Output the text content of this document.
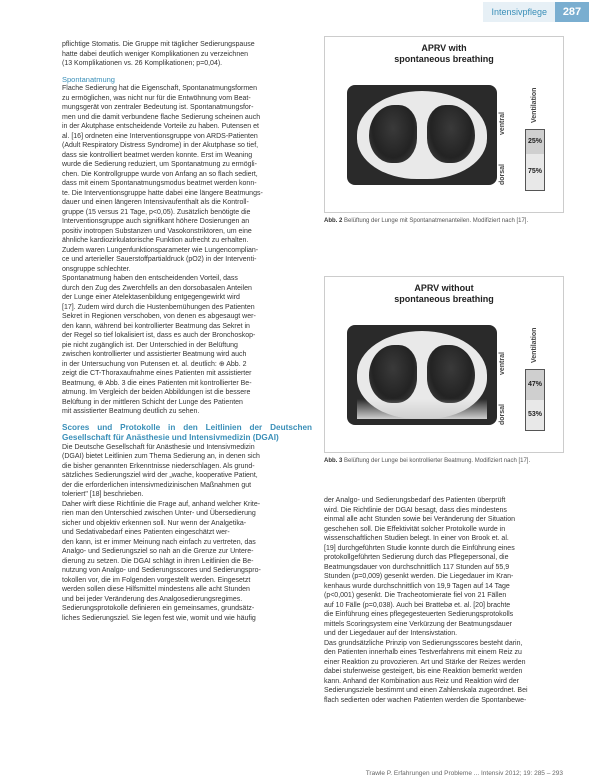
Intensivpflege	287

pflichtige Stomatis. Die Gruppe mit täglicher Sedierungspause

hatte dabei deutlich weniger Komplikationen zu verzeichnen

(13 Komplikationen vs. 26 Komplikationen; p=0,04).

Spontanatmung

Flache Sedierung hat die Eigenschaft, Spontanatmungsformen

zu ermöglichen, was nicht nur für die Entwöhnung vom Beat-

mungsgerät von zentraler Bedeutung ist. Spontanatmungsfor-

men und die damit verbundene flache Sedierung scheinen auch

in der Akutphase entscheidende Vorteile zu haben. Putensen et

al. [16] ordneten eine Interventionsgruppe von ARDS-Patienten

(Adult Respiratory Distress Syndrome) in der Akutphase so tief,

dass sie kontrolliert beatmet werden konnte. Erst im Weaning

wurde die Sedierung reduziert, um Spontanatmung zu ermögli-

chen. Die Kontrollgruppe wurde von Anfang an so flach sediert,

dass mit einem Spontanatmungsmodus beatmet werden konn-

te. Die Interventionsgruppe hatte dabei eine längere Beatmungs-

dauer und einen längeren Intensivaufenthalt als die Kontroll-

gruppe (15 versus 21 Tage, p<0,05). Zusätzlich benötigte die

Interventionsgruppe auch signifikant höhere Dosierungen an

positiv inotropen Substanzen und Vasokonstriktoren, um eine

ähnliche kardiozirkulatorische Funktion aufrecht zu erhalten.

Zudem waren Lungenfunktionsparameter wie Lungencomplian-

ce und arterieller Sauerstoffpartialdruck (pO2) in der Interventi-

onsgruppe schlechter.

Spontanatmung haben den entscheidenden Vorteil, dass

durch den Zug des Zwerchfells an den dorsobasalen Anteilen

der Lunge einer Atelektasenbildung entgegengewirkt wird

[17]. Zudem wird durch die Hustenbemühungen des Patienten

Sekret in Regionen verschoben, von denen es abgesaugt wer-

den kann, während bei kontrollierter Beatmung das Sekret in

der Regel so tief lokalisiert ist, dass es auch der Bronchoskop-

pie nicht zugänglich ist. Der Unterschied in der Belüftung

zwischen kontrollierter und assistierter Beatmung wird auch

in der Untersuchung von Putensen et. al. deutlich: ⊕ Abb. 2

zeigt die CT-Thoraxaufnahme eines Patienten mit assistierter

Beatmung, ⊕ Abb. 3 die eines Patienten mit kontrollierter Be-

atmung. Im Vergleich der beiden Abbildungen ist die bessere

Belüftung in der mittleren Schicht der Lunge des Patienten

mit assistierter Beatmung deutlich zu sehen.

Scores und Protokolle in den Leitlinien der Deutschen Gesellschaft für Anästhesie und Intensivmedizin (DGAI)

Die Deutsche Gesellschaft für Anästhesie und Intensivmedizin

(DGAI) bietet Leitlinien zum Thema Sedierung an, in denen sich

die bisher genannten Erkenntnisse niederschlagen. Als grund-

sätzliches Sedierungsziel wird der „wache, kooperative Patient,

der die erforderlichen intensivmedizinischen Maßnahmen gut

toleriert" [18] beschrieben.

Daher wirft diese Richtlinie die Frage auf, anhand welcher Krite-

rien man den Unterschied zwischen Unter- und Übersedierung

sicher und objektiv erkennen soll. Nur wenn der Analgetika-

und Sedativabedarf eines Patienten eingeschätzt wer-

den kann, ist er immer Meinung nach einfach zu vertreten, das

Analgo- und Sedierungsziel so nah an die Grenze zur Untere-

dierung zu setzen. Die DGAI schlägt in ihren Leitlinien die Be-

nutzung von Analgo- und Sedierungsscores und Sedierungspro-

tokollen vor, die im Folgenden vorgestellt werden. Eingesetzt

werden sollen diese Hilfsmittel mindestens alle acht Stunden

und bei jeder Veränderung des Analgosedierungsregimes.

Sedierungsprotokolle definieren ein gemeinsames, grundsätz-

liches Sedierungsziel. Sie legen fest wie, womit und wie häufig

APRV with
spontaneous breathing
ventral
dorsal
Ventilation
25%
75%
Abb. 2 Belüftung der Lunge mit Spontanatmenanteilen. Modifiziert nach [17].
APRV without
spontaneous breathing
ventral
dorsal
Ventilation
47%
53%
Abb. 3 Belüftung der Lunge bei kontrollierter Beatmung. Modifiziert nach [17].

der Analgo- und Sedierungsbedarf des Patienten überprüft

wird. Die Richtlinie der DGAI besagt, dass dies mindestens

einmal alle acht Stunden sowie bei Veränderung der Situation

geschehen soll. Die Effektivität solcher Protokolle wurde in

wissenschaftlichen Studien belegt. In einer von Brook et. al.

[19] durchgeführten Studie konnte durch die Einführung eines

protokollgeführten Sedierung durch das Pflegepersonal, die

Beatmungsdauer von durchschnittlich 117 Stunden auf 55,9

Stunden (p=0,009) gesenkt werden. Die Liegedauer im Kran-

kenhaus wurde durchschnittlich von 19,9 Tagen auf 14 Tage

(p<0,001) gesenkt. Die Tracheotomierate fiel von 21 Fällen

auf 10 Fälle (p=0,038). Auch bei Brattebø et. al. [20] brachte

die Einführung eines pflegegesteuerten Sedierungsprotokolls

mittels Scoringsystem eine Verkürzung der Beatmungsdauer

und der Liegedauer auf der Intensivstation.

Das grundsätzliche Prinzip von Sedierungsscores besteht darin,

den Patienten innerhalb eines Testverfahrens mit einem Reiz zu

einer Reaktion zu provozieren. Art und Stärke der Reizes werden

dabei stufenweise gesteigert, bis eine Reaktion bemerkt werden

kann. Anhand der Kombination aus Reiz und Reaktion wird der

Sedierungsziele bestimmt und einen Zahlenskala zugeordnet. Bei

flach sedierten oder wachen Patienten werden die Spontanbewe-

Trawle P. Erfahrungen und Probleme ... Intensiv 2012; 19: 285 – 293
